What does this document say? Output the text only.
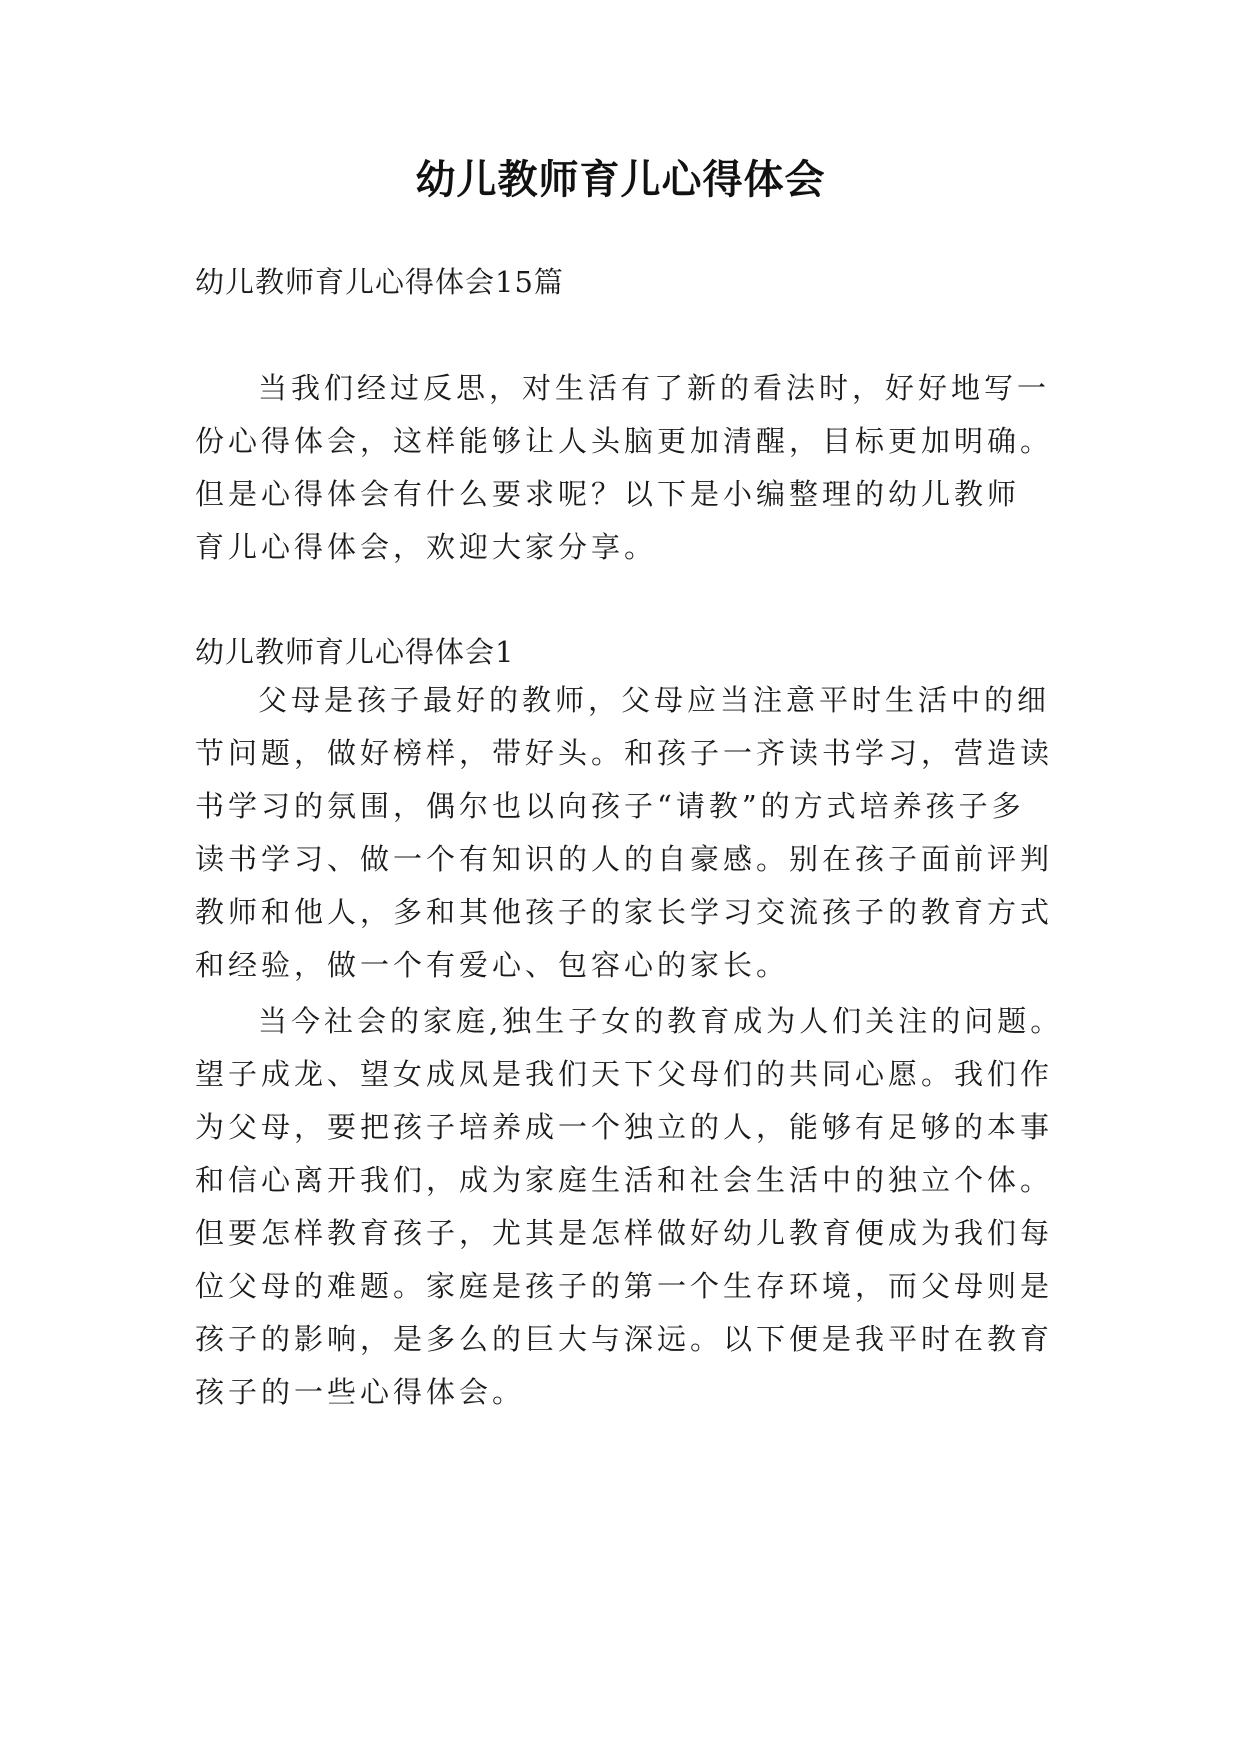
幼儿教师育儿心得体会
幼儿教师育儿心得体会15篇
当我们经过反思，对生活有了新的看法时，好好地写一
份心得体会，这样能够让人头脑更加清醒，目标更加明确。
但是心得体会有什么要求呢？以下是小编整理的幼儿教师
育儿心得体会，欢迎大家分享。
幼儿教师育儿心得体会1
父母是孩子最好的教师，父母应当注意平时生活中的细
节问题，做好榜样，带好头。和孩子一齐读书学习，营造读
书学习的氛围，偶尔也以向孩子“请教”的方式培养孩子多
读书学习、做一个有知识的人的自豪感。别在孩子面前评判
教师和他人，多和其他孩子的家长学习交流孩子的教育方式
和经验，做一个有爱心、包容心的家长。
当今社会的家庭,独生子女的教育成为人们关注的问题。
望子成龙、望女成凤是我们天下父母们的共同心愿。我们作
为父母，要把孩子培养成一个独立的人，能够有足够的本事
和信心离开我们，成为家庭生活和社会生活中的独立个体。
但要怎样教育孩子，尤其是怎样做好幼儿教育便成为我们每
位父母的难题。家庭是孩子的第一个生存环境，而父母则是
孩子的影响，是多么的巨大与深远。以下便是我平时在教育
孩子的一些心得体会。
